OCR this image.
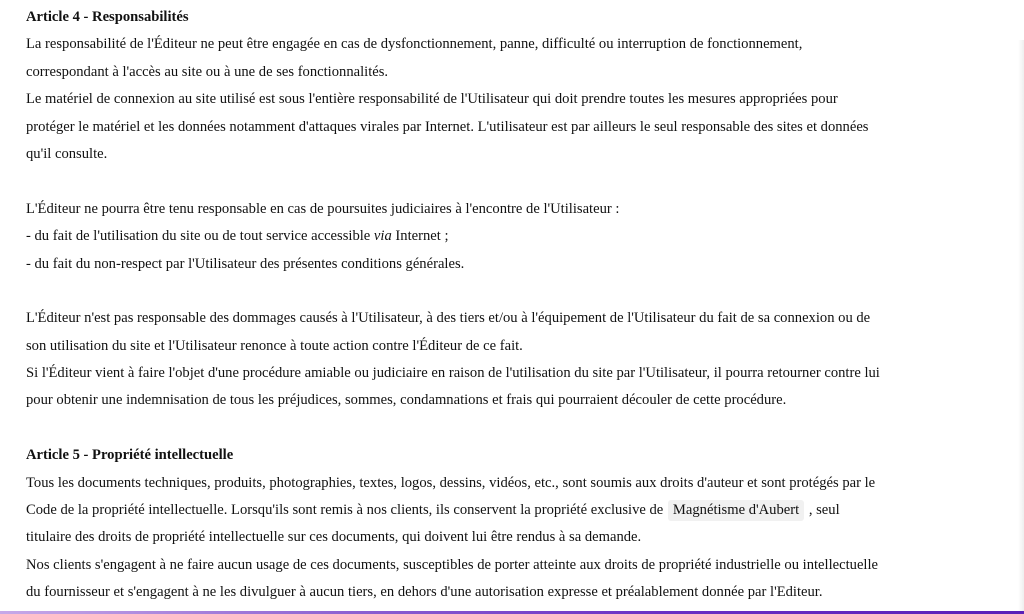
Article 4 - Responsabilités
La responsabilité de l'Éditeur ne peut être engagée en cas de dysfonctionnement, panne, difficulté ou interruption de fonctionnement,
correspondant à l'accès au site ou à une de ses fonctionnalités.
Le matériel de connexion au site utilisé est sous l'entière responsabilité de l'Utilisateur qui doit prendre toutes les mesures appropriées pour
protéger le matériel et les données notamment d'attaques virales par Internet. L'utilisateur est par ailleurs le seul responsable des sites et données
qu'il consulte.
L'Éditeur ne pourra être tenu responsable en cas de poursuites judiciaires à l'encontre de l'Utilisateur :
- du fait de l'utilisation du site ou de tout service accessible via Internet ;
- du fait du non-respect par l'Utilisateur des présentes conditions générales.
L'Éditeur n'est pas responsable des dommages causés à l'Utilisateur, à des tiers et/ou à l'équipement de l'Utilisateur du fait de sa connexion ou de
son utilisation du site et l'Utilisateur renonce à toute action contre l'Éditeur de ce fait.
Si l'Éditeur vient à faire l'objet d'une procédure amiable ou judiciaire en raison de l'utilisation du site par l'Utilisateur, il pourra retourner contre lui
pour obtenir une indemnisation de tous les préjudices, sommes, condamnations et frais qui pourraient découler de cette procédure.
Article 5 - Propriété intellectuelle
Tous les documents techniques, produits, photographies, textes, logos, dessins, vidéos, etc., sont soumis aux droits d'auteur et sont protégés par le
Code de la propriété intellectuelle. Lorsqu'ils sont remis à nos clients, ils conservent la propriété exclusive de Magnétisme d'Aubert , seul
titulaire des droits de propriété intellectuelle sur ces documents, qui doivent lui être rendus à sa demande.
Nos clients s'engagent à ne faire aucun usage de ces documents, susceptibles de porter atteinte aux droits de propriété industrielle ou intellectuelle
du fournisseur et s'engagent à ne les divulguer à aucun tiers, en dehors d'une autorisation expresse et préalablement donnée par l'Editeur.
